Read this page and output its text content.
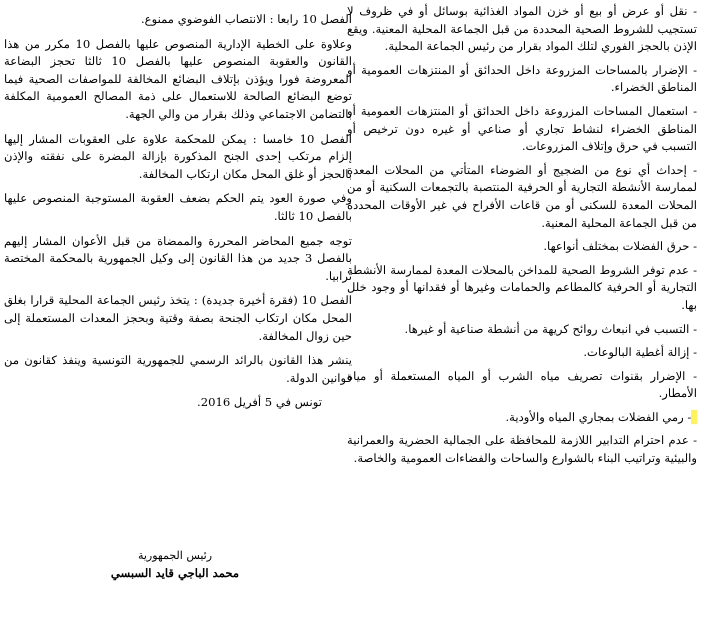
- نقل أو عرض أو بيع أو خزن المواد الغذائية بوسائل أو في ظروف لا تستجيب للشروط الصحية المحددة من قبل الجماعة المحلية المعنية. ويقع الإذن بالحجز الفوري لتلك المواد بقرار من رئيس الجماعة المحلية.

- الإضرار بالمساحات المزروعة داخل الحدائق أو المنتزهات العمومية أو المناطق الخضراء.

- استعمال المساحات المزروعة داخل الحدائق أو المنتزهات العمومية أو المناطق الخضراء لنشاط تجاري أو صناعي أو غيره دون ترخيص أو التسبب في حرق وإتلاف المزروعات.

- إحداث أي نوع من الضجيج أو الضوضاء المتأتي من المحلات المعدة لممارسة الأنشطة التجارية أو الحرفية المنتصبة بالتجمعات السكنية أو من المحلات المعدة للسكنى أو من قاعات الأفراح في غير الأوقات المحددة من قبل الجماعة المحلية المعنية.

- حرق الفضلات بمختلف أنواعها.

- عدم توفر الشروط الصحية للمداخن بالمحلات المعدة لممارسة الأنشطة التجارية أو الحرفية كالمطاعم والحمامات وغيرها أو فقدانها أو وجود خلل بها.

- التسبب في انبعاث روائح كريهة من أنشطة صناعية أو غيرها.

- إزالة أغطية البالوعات.

- الإضرار بقنوات تصريف مياه الشرب أو المياه المستعملة أو مياه الأمطار.

- رمي الفضلات بمجاري المياه والأودية.

- عدم احترام التدابير اللازمة للمحافظة على الجمالية الحضرية والعمرانية والبيئية وتراتيب البناء بالشوارع والساحات والفضاءات العمومية والخاصة.

الفصل 10 رابعا : الانتصاب الفوضوي ممنوع.

وعلاوة على الخطية الإدارية المنصوص عليها بالفصل 10 مكرر من هذا القانون والعقوبة المنصوص عليها بالفصل 10 ثالثا تحجز البضاعة المعروضة فورا ويؤذن بإتلاف البضائع المخالفة للمواصفات الصحية فيما توضع البضائع الصالحة للاستعمال على ذمة المصالح العمومية المكلفة بالتضامن الاجتماعي وذلك بقرار من والي الجهة.

الفصل 10 خامسا : يمكن للمحكمة علاوة على العقوبات المشار إليها إلزام مرتكب إحدى الجنح المذكورة بإزالة المضرة على نفقته والإذن بالحجز أو غلق المحل مكان ارتكاب المخالفة.

وفي صورة العود يتم الحكم بضعف العقوبة المستوجبة المنصوص عليها بالفصل 10 ثالثا.

توجه جميع المحاضر المحررة والممضاة من قبل الأعوان المشار إليهم بالفصل 3 جديد من هذا القانون إلى وكيل الجمهورية بالمحكمة المختصة ترابيا.

الفصل 10 (فقرة أخيرة جديدة) : يتخذ رئيس الجماعة المحلية قرارا بغلق المحل مكان ارتكاب الجنحة بصفة وقتية وبحجز المعدات المستعملة إلى حين زوال المخالفة.

ينشر هذا القانون بالرائد الرسمي للجمهورية التونسية وينفذ كقانون من قوانين الدولة.

تونس في 5 أفريل 2016.

رئيس الجمهورية

محمد الباجي قايد السبسي
